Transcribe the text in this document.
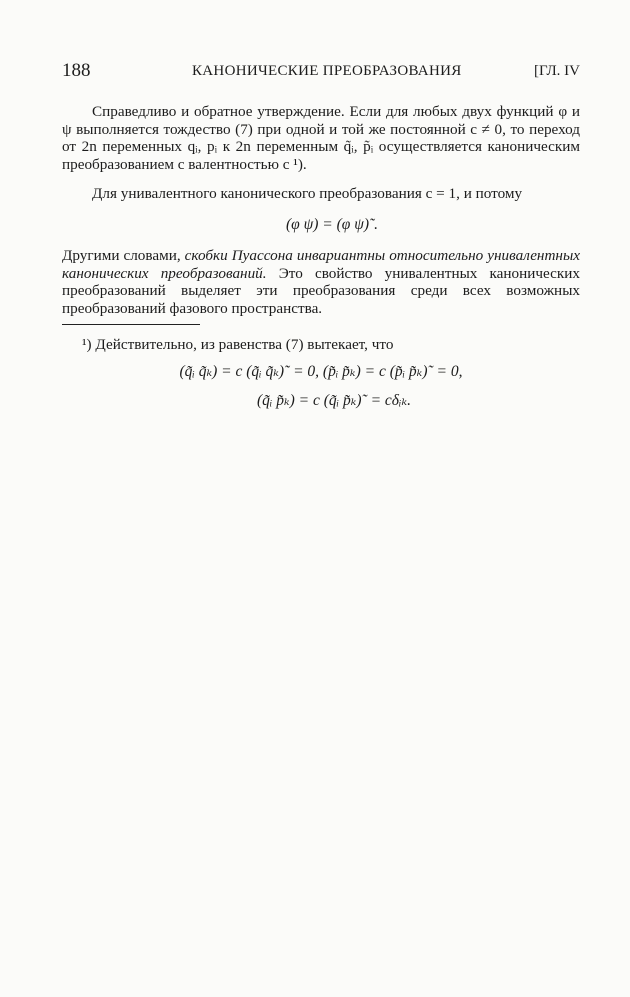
188	КАНОНИЧЕСКИЕ ПРЕОБРАЗОВАНИЯ	[ГЛ. IV

Справедливо и обратное утверждение. Если для любых двух функций φ и ψ выполняется тождество (7) при одной и той же постоянной c ≠ 0, то переход от 2n переменных qᵢ, pᵢ к 2n переменным q̃ᵢ, p̃ᵢ осуществляется каноническим преобразованием с валентностью c ¹).

Для унивалентного канонического преобразования c = 1, и потому

(φ ψ) = (φ ψ)˜.

Другими словами, скобки Пуассона инвариантны относительно унивалентных канонических преобразований. Это свойство унивалентных канонических преобразований выделяет эти преобразования среди всех возможных преобразований фазового пространства.

¹) Действительно, из равенства (7) вытекает, что

(q̃ᵢ q̃ₖ) = c (q̃ᵢ q̃ₖ)˜ = 0, (p̃ᵢ p̃ₖ) = c (p̃ᵢ p̃ₖ)˜ = 0,
(q̃ᵢ p̃ₖ) = c (q̃ᵢ p̃ₖ)˜ = cδᵢₖ.
